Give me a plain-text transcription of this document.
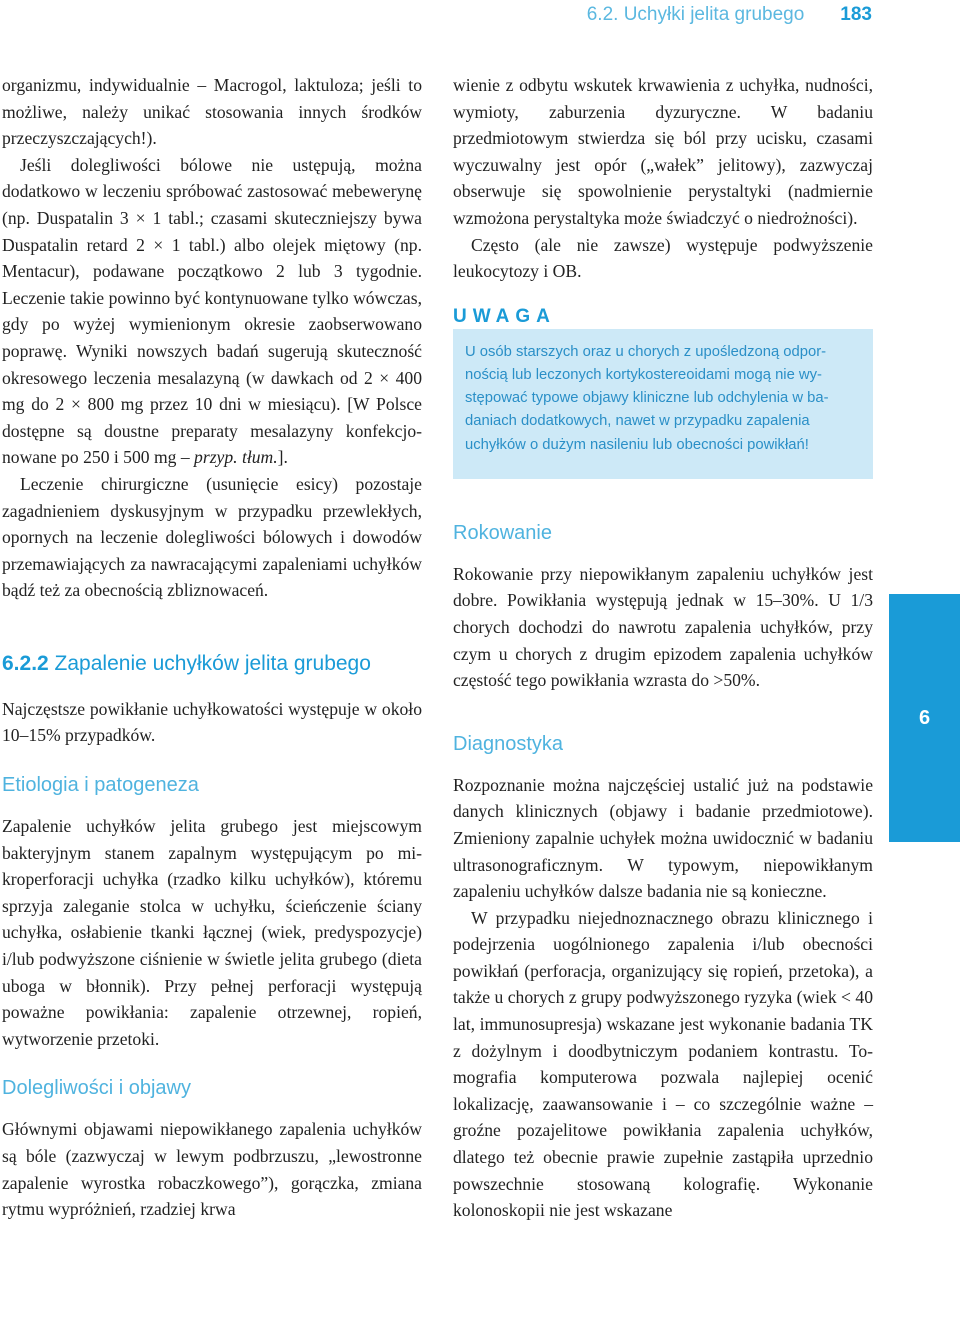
6.2. Uchyłki jelita grubego 183

organizmu, indywidualnie – Macrogol, laktuloza; jeśli to możliwe, należy unikać stosowania innych środków przeczyszczających!).

Jeśli dolegliwości bólowe nie ustępują, można dodatkowo w leczeniu spróbować zastosować mebewerynę (np. Duspatalin 3 × 1 tabl.; czasami skuteczniejszy bywa Duspatalin retard 2 × 1 tabl.) albo olejek miętowy (np. Mentacur), podawane początkowo 2 lub 3 tygodnie. Leczenie takie powinno być kontynuowane tylko wówczas, gdy po wyżej wymienionym okresie zaobserwowano poprawę. Wyniki nowszych badań sugerują skuteczność okresowego leczenia mesalazyną (w dawkach od 2 × 400 mg do 2 × 800 mg przez 10 dni w miesiącu). [W Polsce dostępne są doustne preparaty mesalazyny konfekcjonowane po 250 i 500 mg – przyp. tłum.].

Leczenie chirurgiczne (usunięcie esicy) pozostaje zagadnieniem dyskusyjnym w przypadku przewlekłych, opornych na leczenie dolegliwości bólowych i dowodów przemawiających za nawracającymi zapaleniami uchyłków bądź też za obecnością zbliznowaceń.

6.2.2 Zapalenie uchyłków jelita grubego

Najczęstsze powikłanie uchyłkowatości występuje w około 10–15% przypadków.

Etiologia i patogeneza

Zapalenie uchyłków jelita grubego jest miejscowym bakteryjnym stanem zapalnym występującym po mikroperforacji uchyłka (rzadko kilku uchyłków), któremu sprzyja zaleganie stolca w uchyłku, ścieńczenie ściany uchyłka, osłabienie tkanki łącznej (wiek, predyspozycje) i/lub podwyższone ciśnienie w świetle jelita grubego (dieta uboga w błonnik). Przy pełnej perforacji występują poważne powikłania: zapalenie otrzewnej, ropień, wytworzenie przetoki.

Dolegliwości i objawy

Głównymi objawami niepowikłanego zapalenia uchyłków są bóle (zazwyczaj w lewym podbrzuszu, „lewostronne zapalenie wyrostka robaczkowego”), gorączka, zmiana rytmu wypróżnień, rzadziej krwa

wienie z odbytu wskutek krwawienia z uchyłka, nudności, wymioty, zaburzenia dyzuryczne. W badaniu przedmiotowym stwierdza się ból przy ucisku, czasami wyczuwalny jest opór („wałek” jelitowy), zazwyczaj obserwuje się spowolnienie perystaltyki (nadmiernie wzmożona perystaltyka może świadczyć o niedrożności).

Często (ale nie zawsze) występuje podwyższenie leukocytozy i OB.

UWAGA
U osób starszych oraz u chorych z upośledzoną odpornością lub leczonych kortykostereoidami mogą nie występować typowe objawy kliniczne lub odchylenia w badaniach dodatkowych, nawet w przypadku zapalenia uchyłków o dużym nasileniu lub obecności powikłań!
Rokowanie

Rokowanie przy niepowikłanym zapaleniu uchyłków jest dobre. Powikłania występują jednak w 15–30%. U 1/3 chorych dochodzi do nawrotu zapalenia uchyłków, przy czym u chorych z drugim epizodem zapalenia uchyłków częstość tego powikłania wzrasta do >50%.

Diagnostyka

Rozpoznanie można najczęściej ustalić już na podstawie danych klinicznych (objawy i badanie przedmiotowe). Zmieniony zapalnie uchyłek można uwidocznić w badaniu ultrasonograficznym. W typowym, niepowikłanym zapaleniu uchyłków dalsze badania nie są konieczne.

W przypadku niejednoznacznego obrazu klinicznego i podejrzenia uogólnionego zapalenia i/lub obecności powikłań (perforacja, organizujący się ropień, przetoka), a także u chorych z grupy podwyższonego ryzyka (wiek < 40 lat, immunosupresja) wskazane jest wykonanie badania TK z dożylnym i doodbytniczym podaniem kontrastu. Tomografia komputerowa pozwala najlepiej ocenić lokalizację, zaawansowanie i – co szczególnie ważne – groźne pozajelitowe powikłania zapalenia uchyłków, dlatego też obecnie prawie zupełnie zastąpiła uprzednio powszechnie stosowaną kolografię. Wykonanie kolonoskopii nie jest wskazane

6
